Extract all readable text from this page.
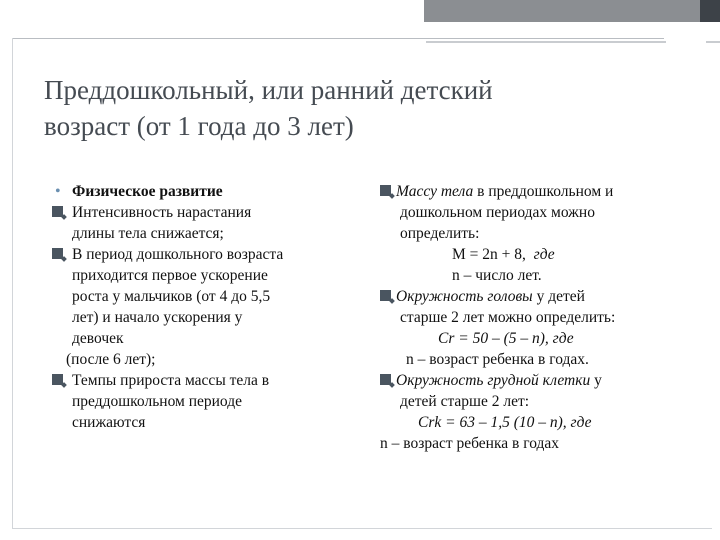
Преддошкольный, или ранний детский
возраст (от 1 года до 3 лет)
• Физическое развитие
Интенсивность нарастания
длины тела снижается;
В период дошкольного возраста
приходится первое ускорение
роста у мальчиков (от 4 до 5,5
лет) и начало ускорения у
девочек
(после 6 лет);
Темпы прироста массы тела в
преддошкольном периоде
снижаются
Массу тела в преддошкольном и
дошкольном периодах можно
определить:
M = 2n + 8, где
n – число лет.
Окружность головы у детей
старше 2 лет можно определить:
Cr = 50 – (5 – n), где
n – возраст ребенка в годах.
Окружность грудной клетки у
детей старше 2 лет:
Crk = 63 – 1,5 (10 – n), где
n – возраст ребенка в годах
